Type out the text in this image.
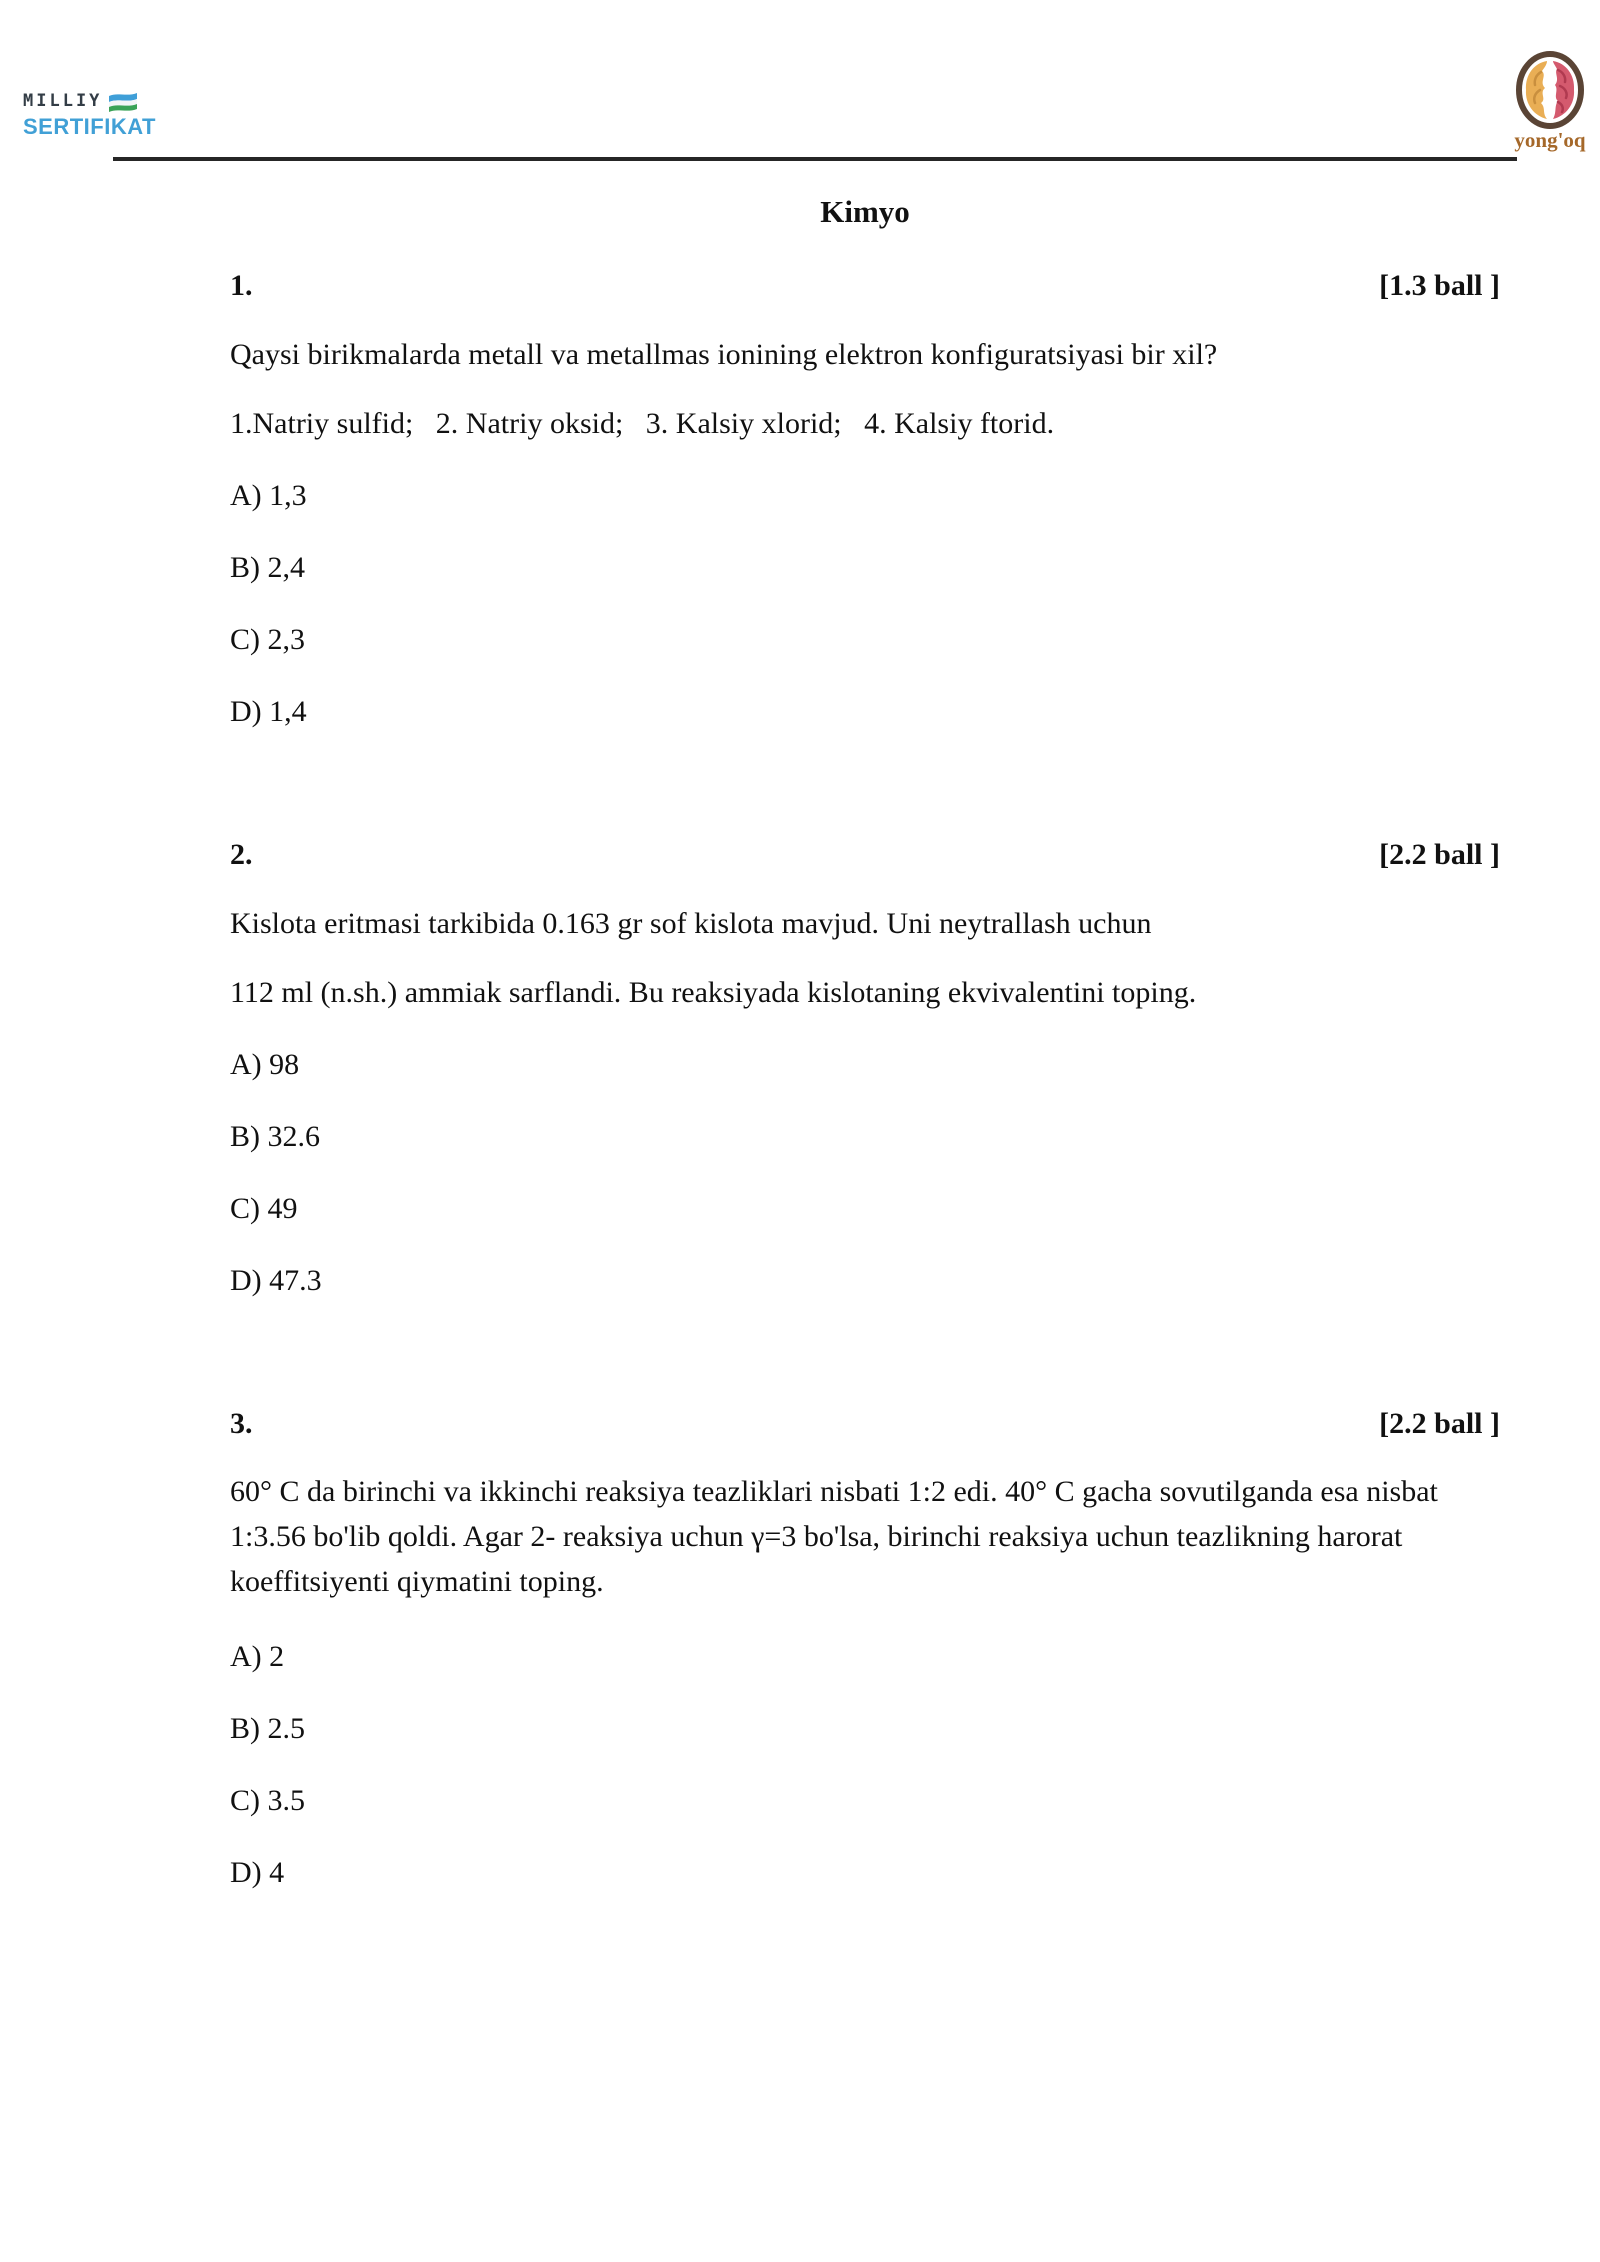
MILLIY
SERTIFIKAT
yong'oq
Kimyo
1.	[1.3 ball ]

Qaysi birikmalarda metall va metallmas ionining elektron konfiguratsiyasi bir xil?

1.Natriy sulfid;   2. Natriy oksid;   3. Kalsiy xlorid;   4. Kalsiy ftorid.

A) 1,3

B) 2,4

C) 2,3

D) 1,4

2.	[2.2 ball ]

Kislota eritmasi tarkibida 0.163 gr sof kislota mavjud. Uni neytrallash uchun

112 ml (n.sh.) ammiak sarflandi. Bu reaksiyada kislotaning ekvivalentini toping.

A) 98

B) 32.6

C) 49

D) 47.3

3.	[2.2 ball ]

60° C da birinchi va ikkinchi reaksiya teazliklari nisbati 1:2 edi. 40° C gacha sovutilganda esa nisbat 1:3.56 bo'lib qoldi. Agar 2- reaksiya uchun γ=3 bo'lsa, birinchi reaksiya uchun teazlikning harorat koeffitsiyenti qiymatini toping.

A) 2

B) 2.5

C) 3.5

D) 4
